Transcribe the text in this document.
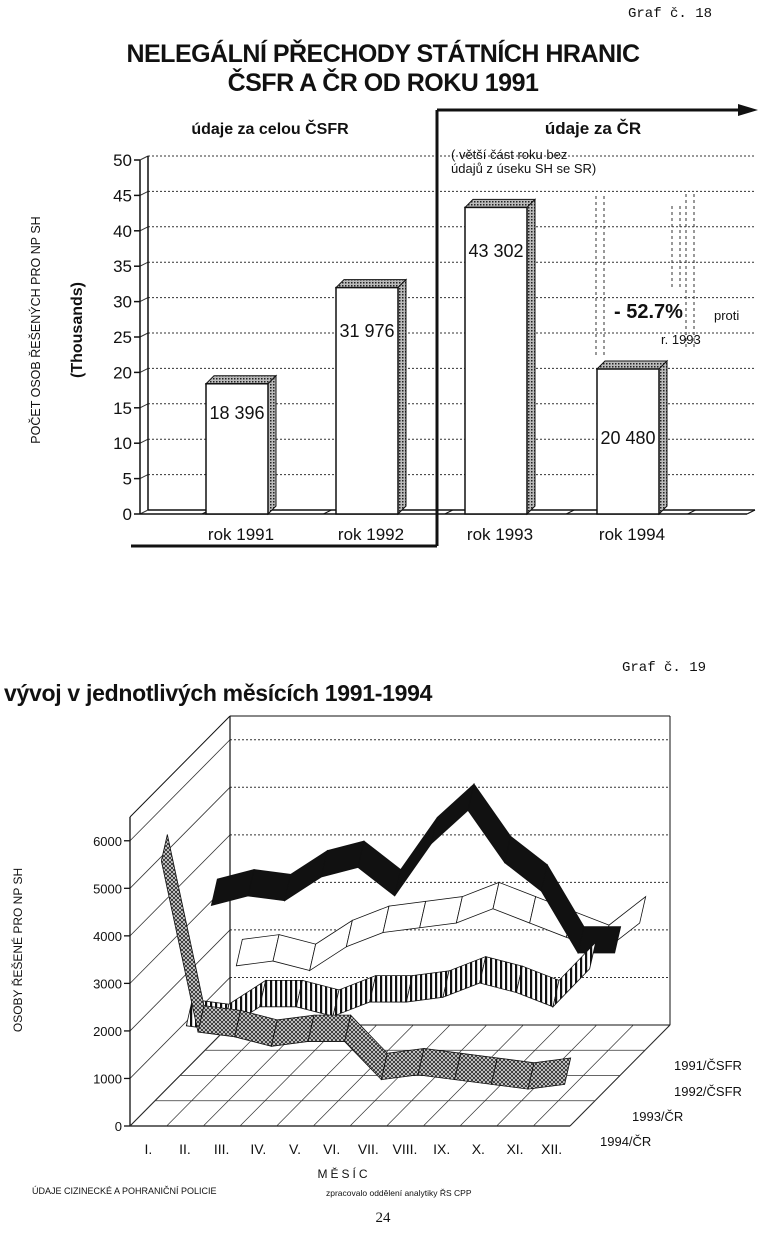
Graf č. 18
NELEGÁLNÍ PŘECHODY STÁTNÍCH HRANIC
ČSFR A ČR OD ROKU 1991
0
5
10
15
20
25
30
35
40
45
50
18 396
rok 1991
31 976
rok 1992
43 302
rok 1993
20 480
rok 1994
POČET OSOB ŘEŠENÝCH PRO NP SH (Thousands)
údaje za celou ČSFR	údaje za ČR
( větší část roku bez
údajů z úseku SH se SR)
- 52.7% proti
r. 1993
Graf č. 19
vývoj v jednotlivých měsících 1991-1994
0
1000
2000
3000
4000
5000
6000
I. II. III. IV. V. VI. VII. VIII. IX. X. XI. XII.
1991/ČSFR
1992/ČSFR
1993/ČR
1994/ČR
OSOBY ŘEŠENÉ PRO NP SH
MĚSÍC
ÚDAJE CIZINECKÉ A POHRANIČNÍ POLICIE	zpracovalo oddělení analytiky ŘS CPP
24
